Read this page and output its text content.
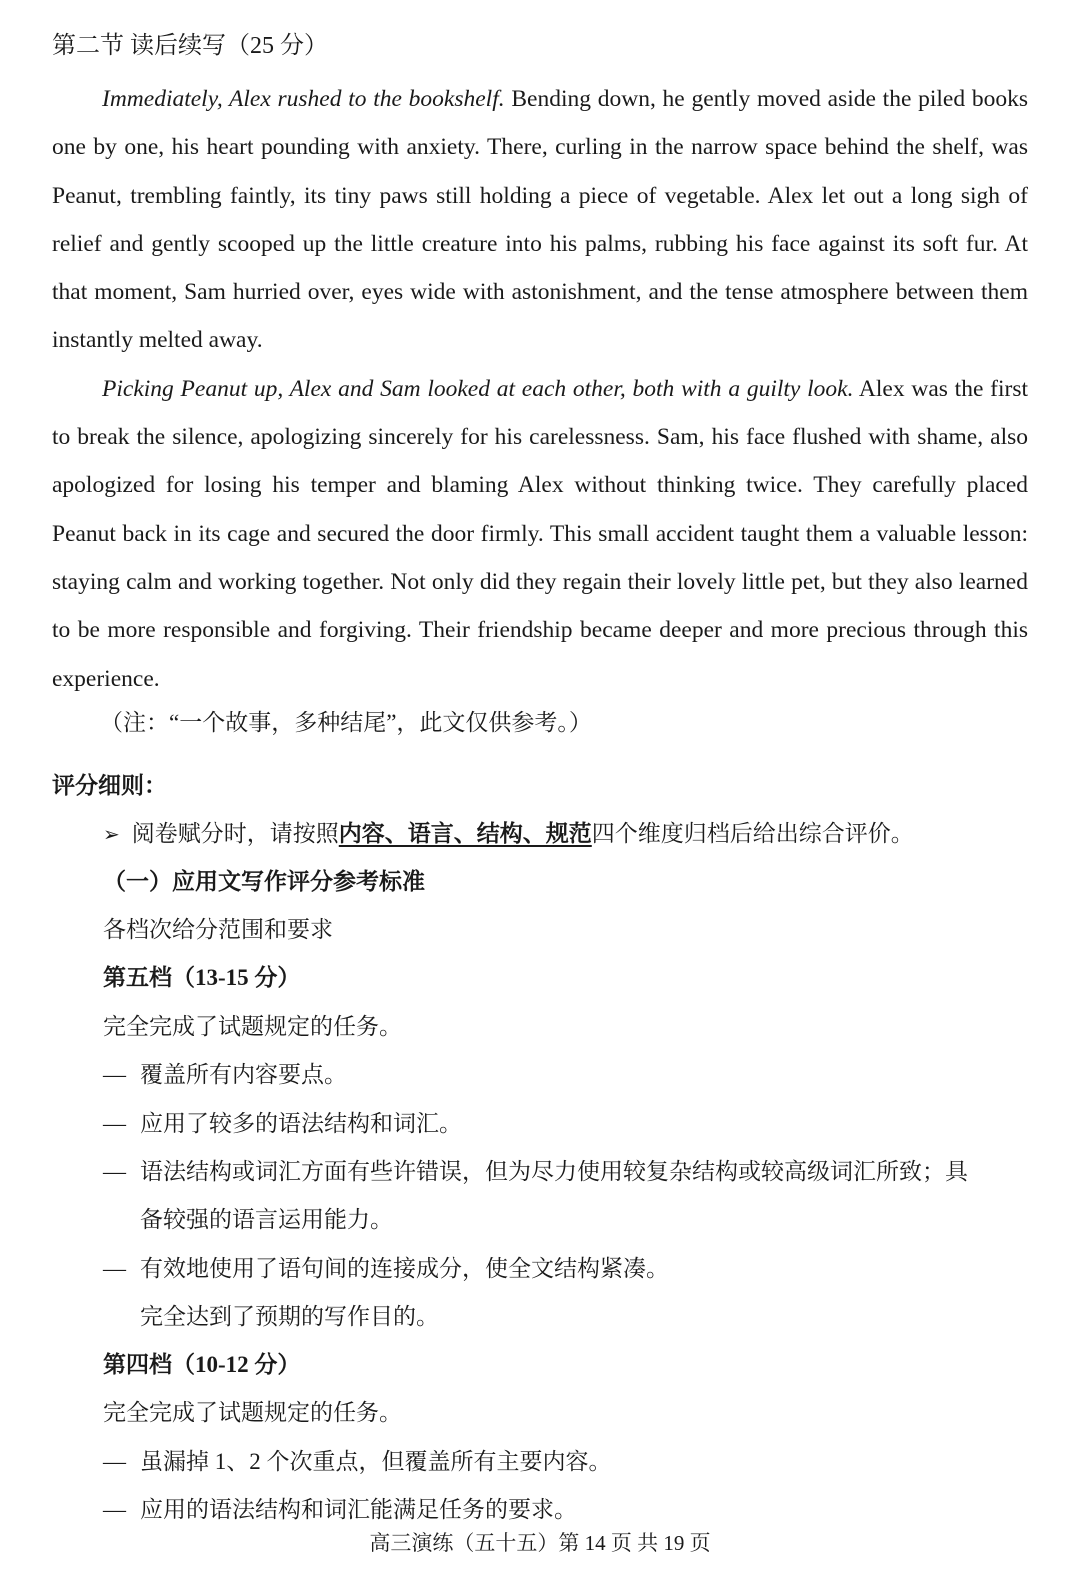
第二节 读后续写（25 分）

Immediately, Alex rushed to the bookshelf. Bending down, he gently moved aside the piled books one by one, his heart pounding with anxiety. There, curling in the narrow space behind the shelf, was Peanut, trembling faintly, its tiny paws still holding a piece of vegetable. Alex let out a long sigh of relief and gently scooped up the little creature into his palms, rubbing his face against its soft fur. At that moment, Sam hurried over, eyes wide with astonishment, and the tense atmosphere between them instantly melted away.

Picking Peanut up, Alex and Sam looked at each other, both with a guilty look. Alex was the first to break the silence, apologizing sincerely for his carelessness. Sam, his face flushed with shame, also apologized for losing his temper and blaming Alex without thinking twice. They carefully placed Peanut back in its cage and secured the door firmly. This small accident taught them a valuable lesson: staying calm and working together. Not only did they regain their lovely little pet, but they also learned to be more responsible and forgiving. Their friendship became deeper and more precious through this experience.

（注：“一个故事，多种结尾”，此文仅供参考。）
评分细则：
➢ 阅卷赋分时，请按照内容、语言、结构、规范四个维度归档后给出综合评价。
（一）应用文写作评分参考标准
各档次给分范围和要求
第五档（13-15 分）
完全完成了试题规定的任务。
— 覆盖所有内容要点。
— 应用了较多的语法结构和词汇。
— 语法结构或词汇方面有些许错误，但为尽力使用较复杂结构或较高级词汇所致；具
备较强的语言运用能力。
— 有效地使用了语句间的连接成分，使全文结构紧凑。
完全达到了预期的写作目的。
第四档（10-12 分）
完全完成了试题规定的任务。
— 虽漏掉 1、2 个次重点，但覆盖所有主要内容。
— 应用的语法结构和词汇能满足任务的要求。
高三演练（五十五）第 14 页 共 19 页
